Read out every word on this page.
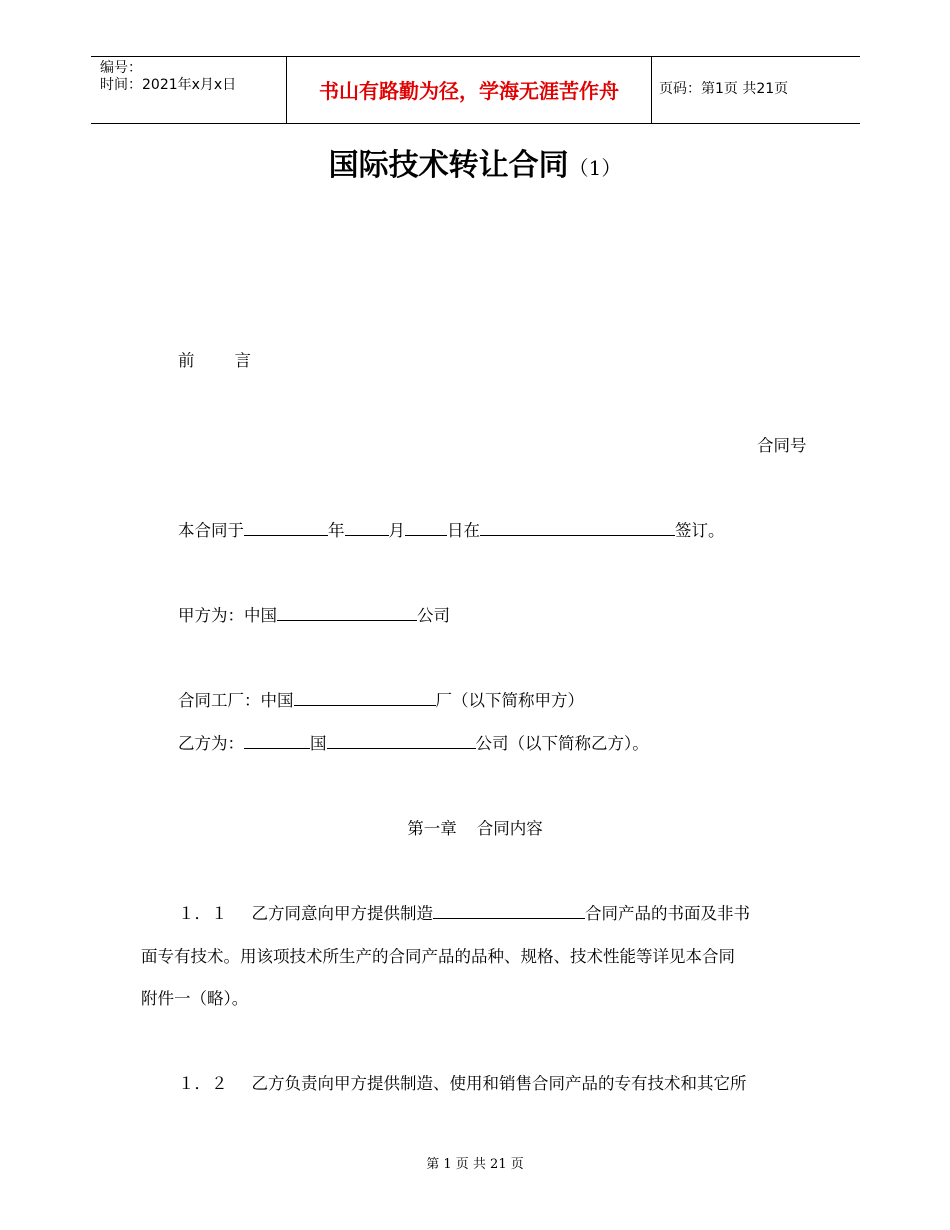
编号：
时间：2021年x月x日	书山有路勤为径，学海无涯苦作舟	页码：第1页 共21页
国际技术转让合同（1）
前 言
合同号
本合同于	年	月	日在	签订。
甲方为：中国	公司
合同工厂：中国	厂（以下简称甲方）
乙方为：	国	公司（以下简称乙方）。
第一章 合同内容
１．１ 乙方同意向甲方提供制造	合同产品的书面及非书
面专有技术。用该项技术所生产的合同产品的品种、规格、技术性能等详见本合同
附件一（略）。
１．２ 乙方负责向甲方提供制造、使用和销售合同产品的专有技术和其它所
第 1 页 共 21 页
